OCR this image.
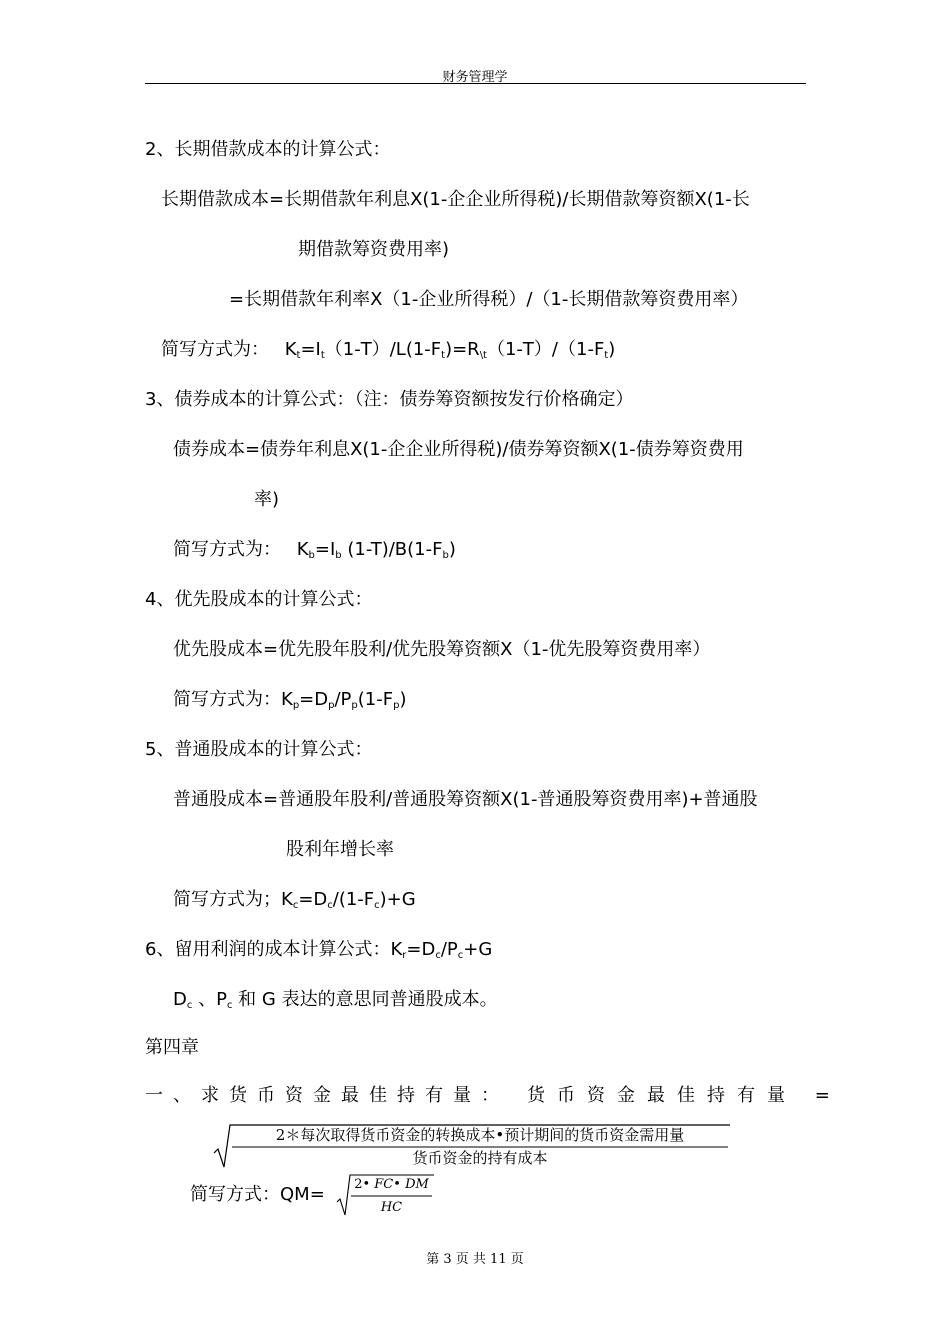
财务管理学
2、长期借款成本的计算公式：
长期借款成本=长期借款年利息Ⅹ(1-企企业所得税)/长期借款筹资额Ⅹ(1-长
期借款筹资费用率)
=长期借款年利率Ⅹ（1-企业所得税）/（1-长期借款筹资费用率）
简写方式为： $K_t=I_t(1-T)/L(1-F_t)=R_{\backslash t}(1-T)/(1-F_t)$
3、债券成本的计算公式：（注：债券筹资额按发行价格确定）
债券成本=债券年利息Ⅹ(1-企企业所得税)/债券筹资额Ⅹ(1-债券筹资费用
率)
简写方式为： $K_b=I_b$ $(1-T)/B(1-F_b)$
4、优先股成本的计算公式：
优先股成本=优先股年股利/优先股筹资额Ⅹ（1-优先股筹资费用率）
简写方式为：$K_p=D_p/P_p(1-F_p)$
5、普通股成本的计算公式：
普通股成本=普通股年股利/普通股筹资额Ⅹ(1-普通股筹资费用率)+普通股
股利年增长率
简写方式为；$K_c=D_c/(1-F_c)+G$
6、留用利润的成本计算公式：$K_r=D_c/P_c+G$
$D_c$ 、$P_c$ 和 G 表达的意思同普通股成本。
第四章
一、求货币资金最佳持有量： 货币资金最佳持有量 =
2＊每次取得货币资金的转换成本•预计期间的货币资金需用量
货币资金的持有成本
简写方式：QM= 2• FC• DM
HC
第 3 页 共 11 页
